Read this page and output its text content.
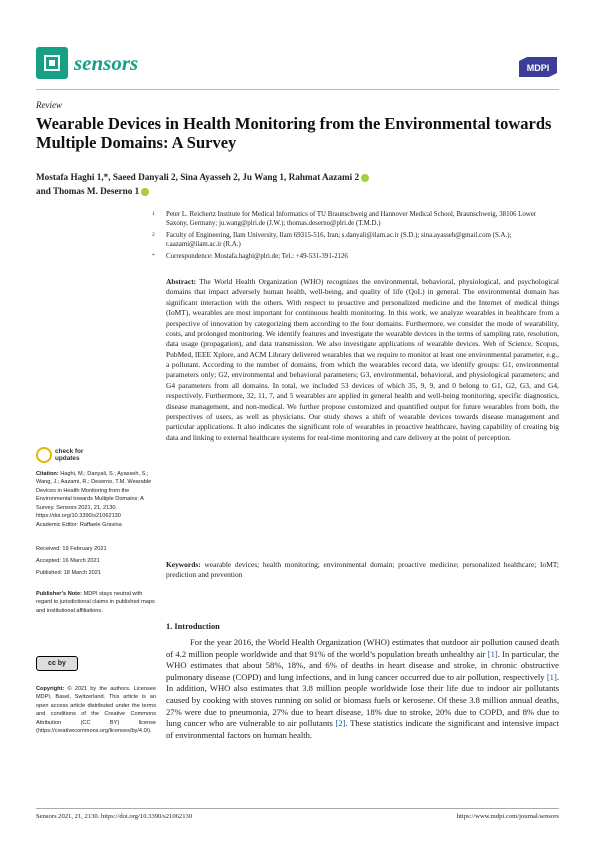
sensors	MDPI
Review
Wearable Devices in Health Monitoring from the Environmental towards Multiple Domains: A Survey
Mostafa Haghi 1,*, Saeed Danyali 2, Sina Ayasseh 2, Ju Wang 1, Rahmat Aazami 2
and Thomas M. Deserno 1
1 Peter L. Reichertz Institute for Medical Informatics of TU Braunschweig and Hannover Medical School, Braunschweig, 38106 Lower Saxony, Germany; ju.wang@plri.de (J.W.); thomas.deserno@plri.de (T.M.D.)
2 Faculty of Engineering, Ilam University, Ilam 69315-516, Iran; s.danyali@ilam.ac.ir (S.D.); sina.ayasseh@gmail.com (S.A.); r.aazami@ilam.ac.ir (R.A.)
* Correspondence: Mostafa.haghi@plri.de; Tel.: +49-531-391-2126
Abstract: The World Health Organization (WHO) recognizes the environmental, behavioral, physiological, and psychological domains that impact adversely human health, well-being, and quality of life (QoL) in general. The environmental domain has significant interaction with the others. With respect to proactive and personalized medicine and the Internet of medical things (IoMT), wearables are most important for continuous health monitoring. In this work, we analyze wearables in healthcare from a perspective of innovation by categorizing them according to the four domains. Furthermore, we consider the mode of wearability, costs, and prolonged monitoring. We identify features and investigate the wearable devices in the terms of sampling rate, resolution, data usage (propagation), and data transmission. We also investigate applications of wearable devices. Web of Science, Scopus, PubMed, IEEE Xplore, and ACM Library delivered wearables that we require to monitor at least one environmental parameter, e.g., a pollutant. According to the number of domains, from which the wearables record data, we identify groups: G1, environmental parameters only; G2, environmental and behavioral parameters; G3, environmental, behavioral, and physiological parameters; and G4 parameters from all domains. In total, we included 53 devices of which 35, 9, 9, and 0 belong to G1, G2, G3, and G4, respectively. Furthermore, 32, 11, 7, and 5 wearables are applied in general health and well-being monitoring, specific diagnostics, disease management, and non-medical. We further propose customized and quantified output for future wearables from both, the perspectives of users, as well as physicians. Our study shows a shift of wearable devices towards disease management and particular applications. It also indicates the significant role of wearables in proactive healthcare, having capability of creating big data and linking to external healthcare systems for real-time monitoring and care delivery at the point of perception.
Keywords: wearable devices; health monitoring; environmental domain; proactive medicine; personalized healthcare; IoMT; prediction and prevention
check for
updates
Citation: Haghi, M.; Danyali, S.; Ayasseh, S.; Wang, J.; Aazami, R.; Deserno, T.M. Wearable Devices in Health Monitoring from the Environmental towards Multiple Domains: A Survey. Sensors 2021, 21, 2130. https://doi.org/10.3390/s21062130
Academic Editor: Raffaele Gravina
Received: 19 February 2021
Accepted: 16 March 2021
Published: 18 March 2021
Publisher’s Note: MDPI stays neutral with regard to jurisdictional claims in published maps and institutional affiliations.
cc by
Copyright: © 2021 by the authors. Licensee MDPI, Basel, Switzerland. This article is an open access article distributed under the terms and conditions of the Creative Commons Attribution (CC BY) license (https://creativecommons.org/licenses/by/4.0/).
1. Introduction
For the year 2016, the World Health Organization (WHO) estimates that outdoor air pollution caused death of 4.2 million people worldwide and that 91% of the world’s population breath unhealthy air [1]. In particular, the WHO estimates that about 58%, 18%, and 6% of deaths in heart disease and stroke, in chronic obstructive pulmonary disease (COPD) and lung infections, and in lung cancer occurred due to air pollution, respectively [1]. In addition, WHO also estimates that 3.8 million people worldwide lose their life due to indoor air pollutants caused by cooking with stoves running on solid or biomass fuels or kerosene. Of these 3.8 million annual deaths, 27% were due to pneumonia, 27% due to heart disease, 18% due to stroke, 20% due to COPD, and 8% due to lung cancer who are vulnerable to air pollutants [2]. These statistics indicate the significant and intensive impact of environmental factors on human health.
Sensors 2021, 21, 2130. https://doi.org/10.3390/s21062130	https://www.mdpi.com/journal/sensors
